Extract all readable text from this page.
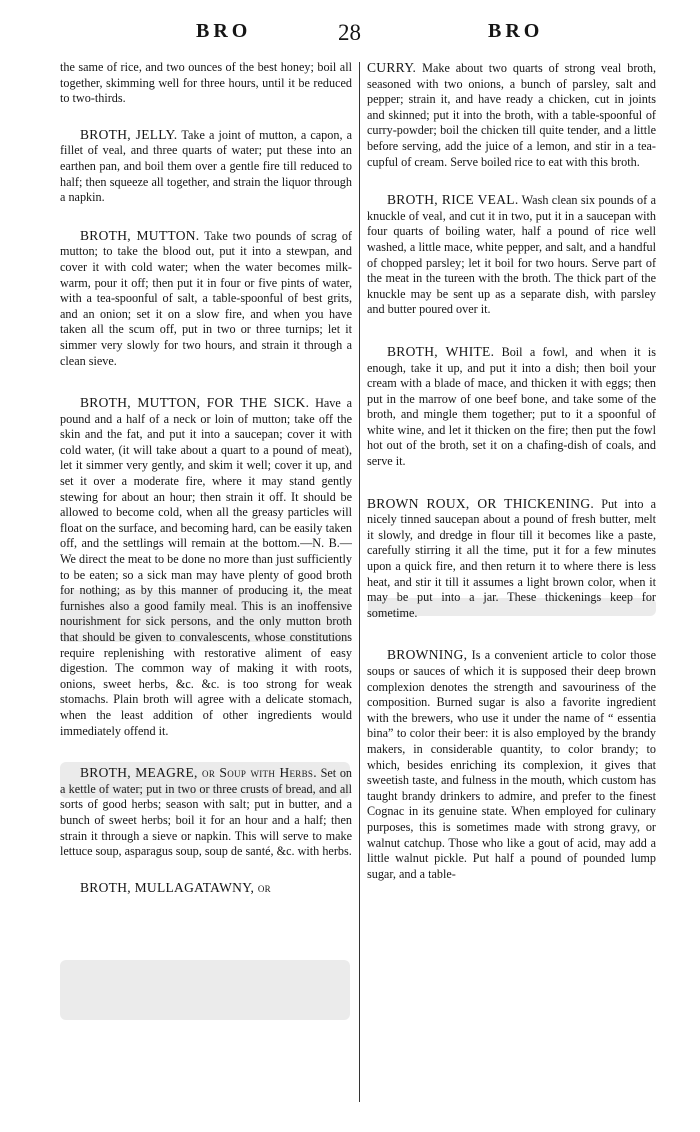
BRO	28	BRO

the same of rice, and two ounces of the best honey; boil all together, skimming well for three hours, until it be reduced to two-thirds.

BROTH, JELLY. Take a joint of mutton, a capon, a fillet of veal, and three quarts of water; put these into an earthen pan, and boil them over a gentle fire till reduced to half; then squeeze all together, and strain the liquor through a napkin.

BROTH, MUTTON. Take two pounds of scrag of mutton; to take the blood out, put it into a stewpan, and cover it with cold water; when the water becomes milk-warm, pour it off; then put it in four or five pints of water, with a tea-spoonful of salt, a table-spoonful of best grits, and an onion; set it on a slow fire, and when you have taken all the scum off, put in two or three turnips; let it simmer very slowly for two hours, and strain it through a clean sieve.

BROTH, MUTTON, FOR THE SICK. Have a pound and a half of a neck or loin of mutton; take off the skin and the fat, and put it into a saucepan; cover it with cold water, (it will take about a quart to a pound of meat), let it simmer very gently, and skim it well; cover it up, and set it over a moderate fire, where it may stand gently stewing for about an hour; then strain it off. It should be allowed to become cold, when all the greasy particles will float on the surface, and becoming hard, can be easily taken off, and the settlings will remain at the bottom.—N. B.—We direct the meat to be done no more than just sufficiently to be eaten; so a sick man may have plenty of good broth for nothing; as by this manner of producing it, the meat furnishes also a good family meal. This is an inoffensive nourishment for sick persons, and the only mutton broth that should be given to convalescents, whose constitutions require replenishing with restorative aliment of easy digestion. The common way of making it with roots, onions, sweet herbs, &c. &c. is too strong for weak stomachs. Plain broth will agree with a delicate stomach, when the least addition of other ingredients would immediately offend it.

BROTH, MEAGRE, or Soup with Herbs. Set on a kettle of water; put in two or three crusts of bread, and all sorts of good herbs; season with salt; put in butter, and a bunch of sweet herbs; boil it for an hour and a half; then strain it through a sieve or napkin. This will serve to make lettuce soup, asparagus soup, soup de santé, &c. with herbs.

BROTH, MULLAGATAWNY, or

CURRY. Make about two quarts of strong veal broth, seasoned with two onions, a bunch of parsley, salt and pepper; strain it, and have ready a chicken, cut in joints and skinned; put it into the broth, with a table-spoonful of curry-powder; boil the chicken till quite tender, and a little before serving, add the juice of a lemon, and stir in a tea-cupful of cream. Serve boiled rice to eat with this broth.

BROTH, RICE VEAL. Wash clean six pounds of a knuckle of veal, and cut it in two, put it in a saucepan with four quarts of boiling water, half a pound of rice well washed, a little mace, white pepper, and salt, and a handful of chopped parsley; let it boil for two hours. Serve part of the meat in the tureen with the broth. The thick part of the knuckle may be sent up as a separate dish, with parsley and butter poured over it.

BROTH, WHITE. Boil a fowl, and when it is enough, take it up, and put it into a dish; then boil your cream with a blade of mace, and thicken it with eggs; then put in the marrow of one beef bone, and take some of the broth, and mingle them together; put to it a spoonful of white wine, and let it thicken on the fire; then put the fowl hot out of the broth, set it on a chafing-dish of coals, and serve it.

BROWN ROUX, OR THICKENING. Put into a nicely tinned saucepan about a pound of fresh butter, melt it slowly, and dredge in flour till it becomes like a paste, carefully stirring it all the time, put it for a few minutes upon a quick fire, and then return it to where there is less heat, and stir it till it assumes a light brown color, when it may be put into a jar. These thickenings keep for sometime.

BROWNING, Is a convenient article to color those soups or sauces of which it is supposed their deep brown complexion denotes the strength and savouriness of the composition. Burned sugar is also a favorite ingredient with the brewers, who use it under the name of “ essentia bina” to color their beer: it is also employed by the brandy makers, in considerable quantity, to color brandy; to which, besides enriching its complexion, it gives that sweetish taste, and fulness in the mouth, which custom has taught brandy drinkers to admire, and prefer to the finest Cognac in its genuine state. When employed for culinary purposes, this is sometimes made with strong gravy, or walnut catchup. Those who like a gout of acid, may add a little walnut pickle. Put half a pound of pounded lump sugar, and a table-
